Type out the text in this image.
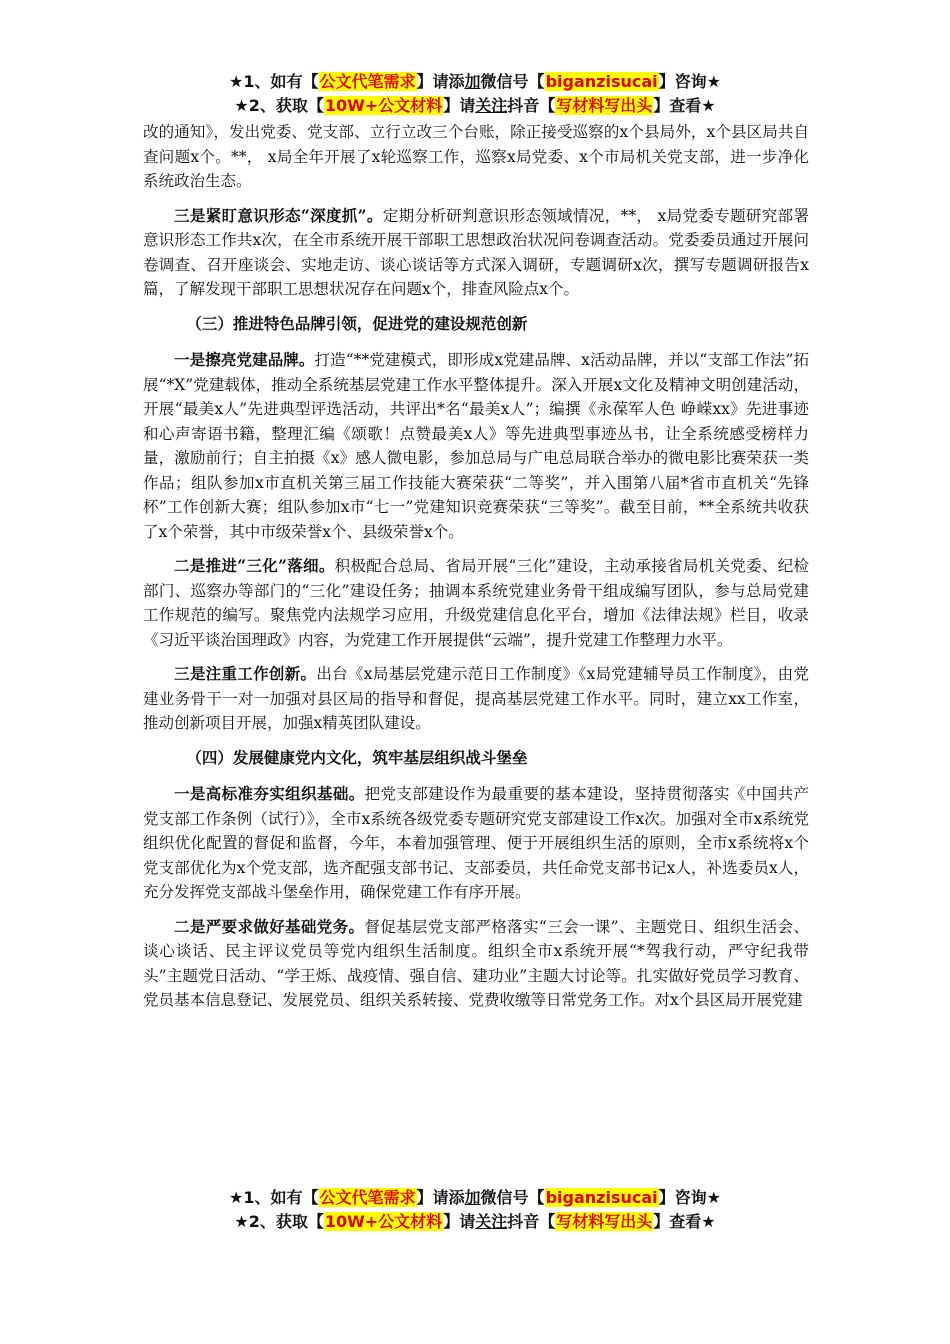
★1、如有【公文代笔需求】请添加微信号【biganzisucai】咨询★
★2、获取【10W+公文材料】请关注抖音【写材料写出头】查看★

改的通知》，发出党委、党支部、立行立改三个台账，除正接受巡察的x个县局外，x个县区局共自查问题x个。**， x局全年开展了x轮巡察工作，巡察x局党委、x个市局机关党支部，进一步净化系统政治生态。

三是紧盯意识形态“深度抓”。定期分析研判意识形态领域情况，**， x局党委专题研究部署意识形态工作共x次，在全市系统开展干部职工思想政治状况问卷调查活动。党委委员通过开展问卷调查、召开座谈会、实地走访、谈心谈话等方式深入调研，专题调研x次，撰写专题调研报告x篇，了解发现干部职工思想状况存在问题x个，排查风险点x个。

（三）推进特色品牌引领，促进党的建设规范创新

一是擦亮党建品牌。打造“**党建模式，即形成x党建品牌、x活动品牌，并以“支部工作法”拓展“*X”党建载体，推动全系统基层党建工作水平整体提升。深入开展x文化及精神文明创建活动，开展“最美x人”先进典型评选活动，共评出*名“最美x人”；编撰《永葆军人色 峥嵘xx》先进事迹和心声寄语书籍，整理汇编《颂歌！点赞最美x人》等先进典型事迹丛书，让全系统感受榜样力量，激励前行；自主拍摄《x》感人微电影，参加总局与广电总局联合举办的微电影比赛荣获一类作品；组队参加x市直机关第三届工作技能大赛荣获“二等奖”，并入围第八届*省市直机关“先锋杯”工作创新大赛；组队参加x市“七一”党建知识竞赛荣获“三等奖”。截至目前，**全系统共收获了x个荣誉，其中市级荣誉x个、县级荣誉x个。

二是推进“三化”落细。积极配合总局、省局开展“三化”建设，主动承接省局机关党委、纪检部门、巡察办等部门的“三化”建设任务；抽调本系统党建业务骨干组成编写团队，参与总局党建工作规范的编写。聚焦党内法规学习应用，升级党建信息化平台，增加《法律法规》栏目，收录《习近平谈治国理政》内容，为党建工作开展提供“云端”，提升党建工作整理力水平。

三是注重工作创新。出台《x局基层党建示范日工作制度》《x局党建辅导员工作制度》，由党建业务骨干一对一加强对县区局的指导和督促，提高基层党建工作水平。同时，建立xx工作室，推动创新项目开展，加强x精英团队建设。

（四）发展健康党内文化，筑牢基层组织战斗堡垒

一是高标准夯实组织基础。把党支部建设作为最重要的基本建设，坚持贯彻落实《中国共产党支部工作条例（试行）》，全市x系统各级党委专题研究党支部建设工作x次。加强对全市x系统党组织优化配置的督促和监督，今年，本着加强管理、便于开展组织生活的原则，全市x系统将x个党支部优化为x个党支部，选齐配强支部书记、支部委员，共任命党支部书记x人，补选委员x人，充分发挥党支部战斗堡垒作用，确保党建工作有序开展。

二是严要求做好基础党务。督促基层党支部严格落实“三会一课”、主题党日、组织生活会、谈心谈话、民主评议党员等党内组织生活制度。组织全市x系统开展“*驾我行动，严守纪我带头”主题党日活动、“学王烁、战疫情、强自信、建功业”主题大讨论等。扎实做好党员学习教育、党员基本信息登记、发展党员、组织关系转接、党费收缴等日常党务工作。对x个县区局开展党建

★1、如有【公文代笔需求】请添加微信号【biganzisucai】咨询★
★2、获取【10W+公文材料】请关注抖音【写材料写出头】查看★
